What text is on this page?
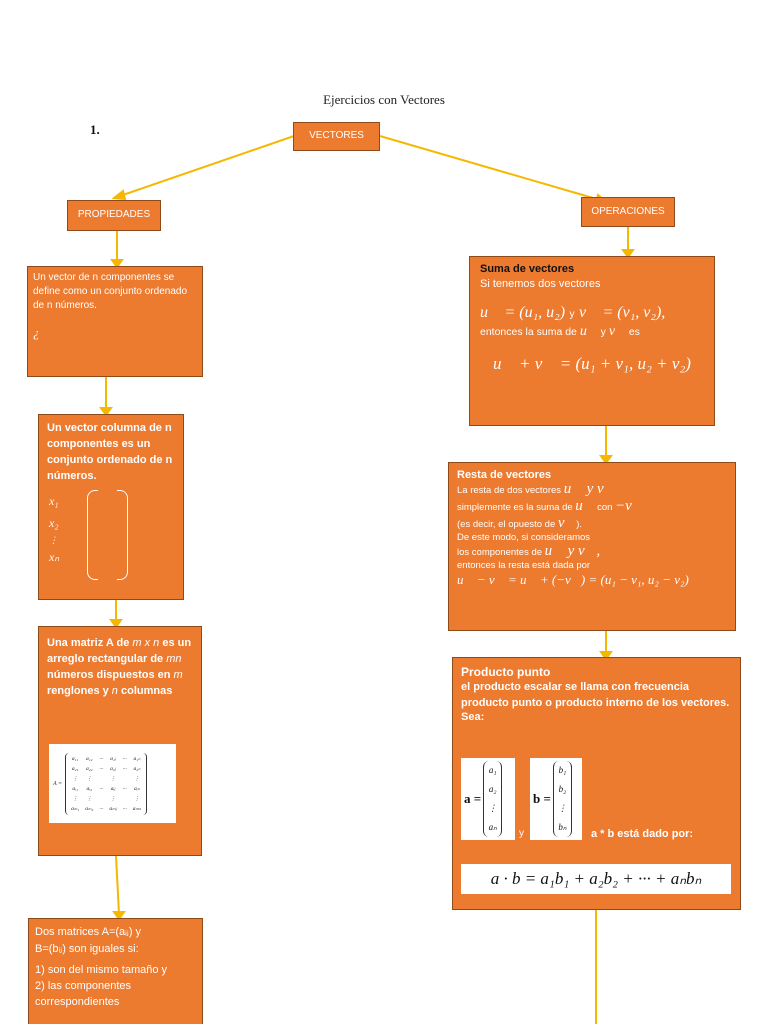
Ejercicios con Vectores
1.	VECTORES
PROPIEDADES
Un vector de n componentes se define como un conjunto ordenado de n números.
¿
Un vector columna de n componentes es un conjunto ordenado de n números.
x₁
x₂
⋮
xₙ
Una matriz A de m x n es un arreglo rectangular de mn números dispuestos en m renglones y n columnas
A =
a₁₁	a₁₂	···	a₁ⱼ	···	a₁ₙ
a₂₁	a₂₂	···	a₂ⱼ	···	a₂ₙ
⋮	⋮		⋮		⋮
aᵢ₁	aᵢ₂	···	aᵢⱼ	···	aᵢₙ
⋮	⋮		⋮		⋮
aₘ₁	aₘ₂	···	aₘⱼ	···	aₘₙ
Dos matrices A=(aᵢⱼ) y
B=(bᵢⱼ) son iguales si:
1) son del mismo tamaño y
2) las componentes
correspondientes
OPERACIONES
Suma de vectores
Si tenemos dos vectores
u⃗ = (u₁, u₂) y v⃗ = (v₁, v₂),
entonces la suma de u⃗ y v⃗ es
u⃗ + v⃗ = (u₁ + v₁, u₂ + v₂)
Resta de vectores
La resta de dos vectores u⃗ y v⃗
simplemente es la suma de u⃗ con −v⃗
(es decir, el opuesto de v⃗).
De este modo, si consideramos
los componentes de u⃗ y v⃗,
entonces la resta está dada por
u⃗ − v⃗ = u⃗ + (−v⃗) = (u₁ − v₁, u₂ − v₂)
Producto punto
el producto escalar se llama con frecuencia producto punto o producto interno de los vectores.
Sea:
a =
a₁
a₂
⋮
aₙ
y
b =
b₁
b₂
⋮
bₙ
a * b está dado por:
a · b = a₁b₁ + a₂b₂ + ··· + aₙbₙ
